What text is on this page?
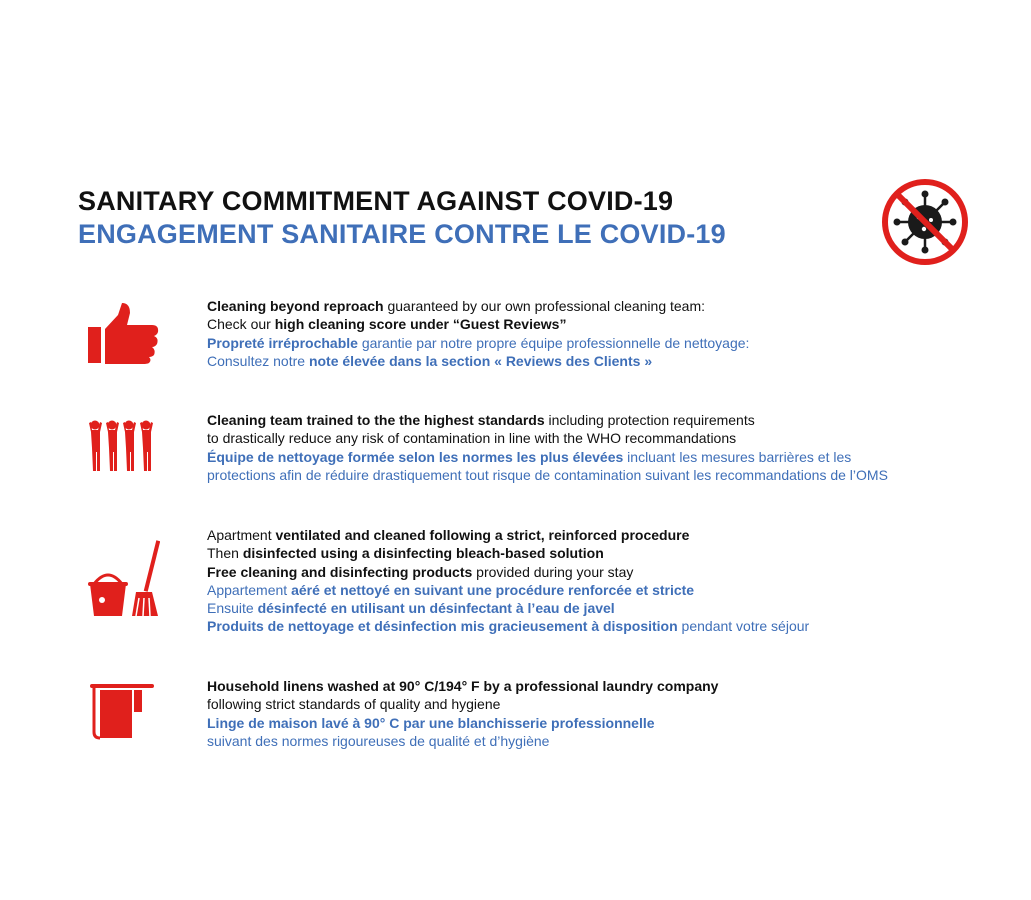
SANITARY COMMITMENT AGAINST COVID-19
ENGAGEMENT SANITAIRE CONTRE LE COVID-19
Cleaning beyond reproach guaranteed by our own professional cleaning team:
Check our high cleaning score under “Guest Reviews”
Propreté irréprochable garantie par notre propre équipe professionnelle de nettoyage:
Consultez notre note élevée dans la section « Reviews des Clients »
Cleaning team trained to the the highest standards including protection requirements
to drastically reduce any risk of contamination in line with the WHO recommandations
Équipe de nettoyage formée selon les normes les plus élevées incluant les mesures barrières et les
protections afin de réduire drastiquement tout risque de contamination suivant les recommandations de l’OMS
Apartment ventilated and cleaned following a strict, reinforced procedure
Then disinfected using a disinfecting bleach-based solution
Free cleaning and disinfecting products provided during your stay
Appartement aéré et nettoyé en suivant une procédure renforcée et stricte
Ensuite désinfecté en utilisant un désinfectant à l’eau de javel
Produits de nettoyage et désinfection mis gracieusement à disposition pendant votre séjour
Household linens washed at 90° C/194° F by a professional laundry company
following strict standards of quality and hygiene
Linge de maison lavé à 90° C par une blanchisserie professionnelle
suivant des normes rigoureuses de qualité et d’hygiène
